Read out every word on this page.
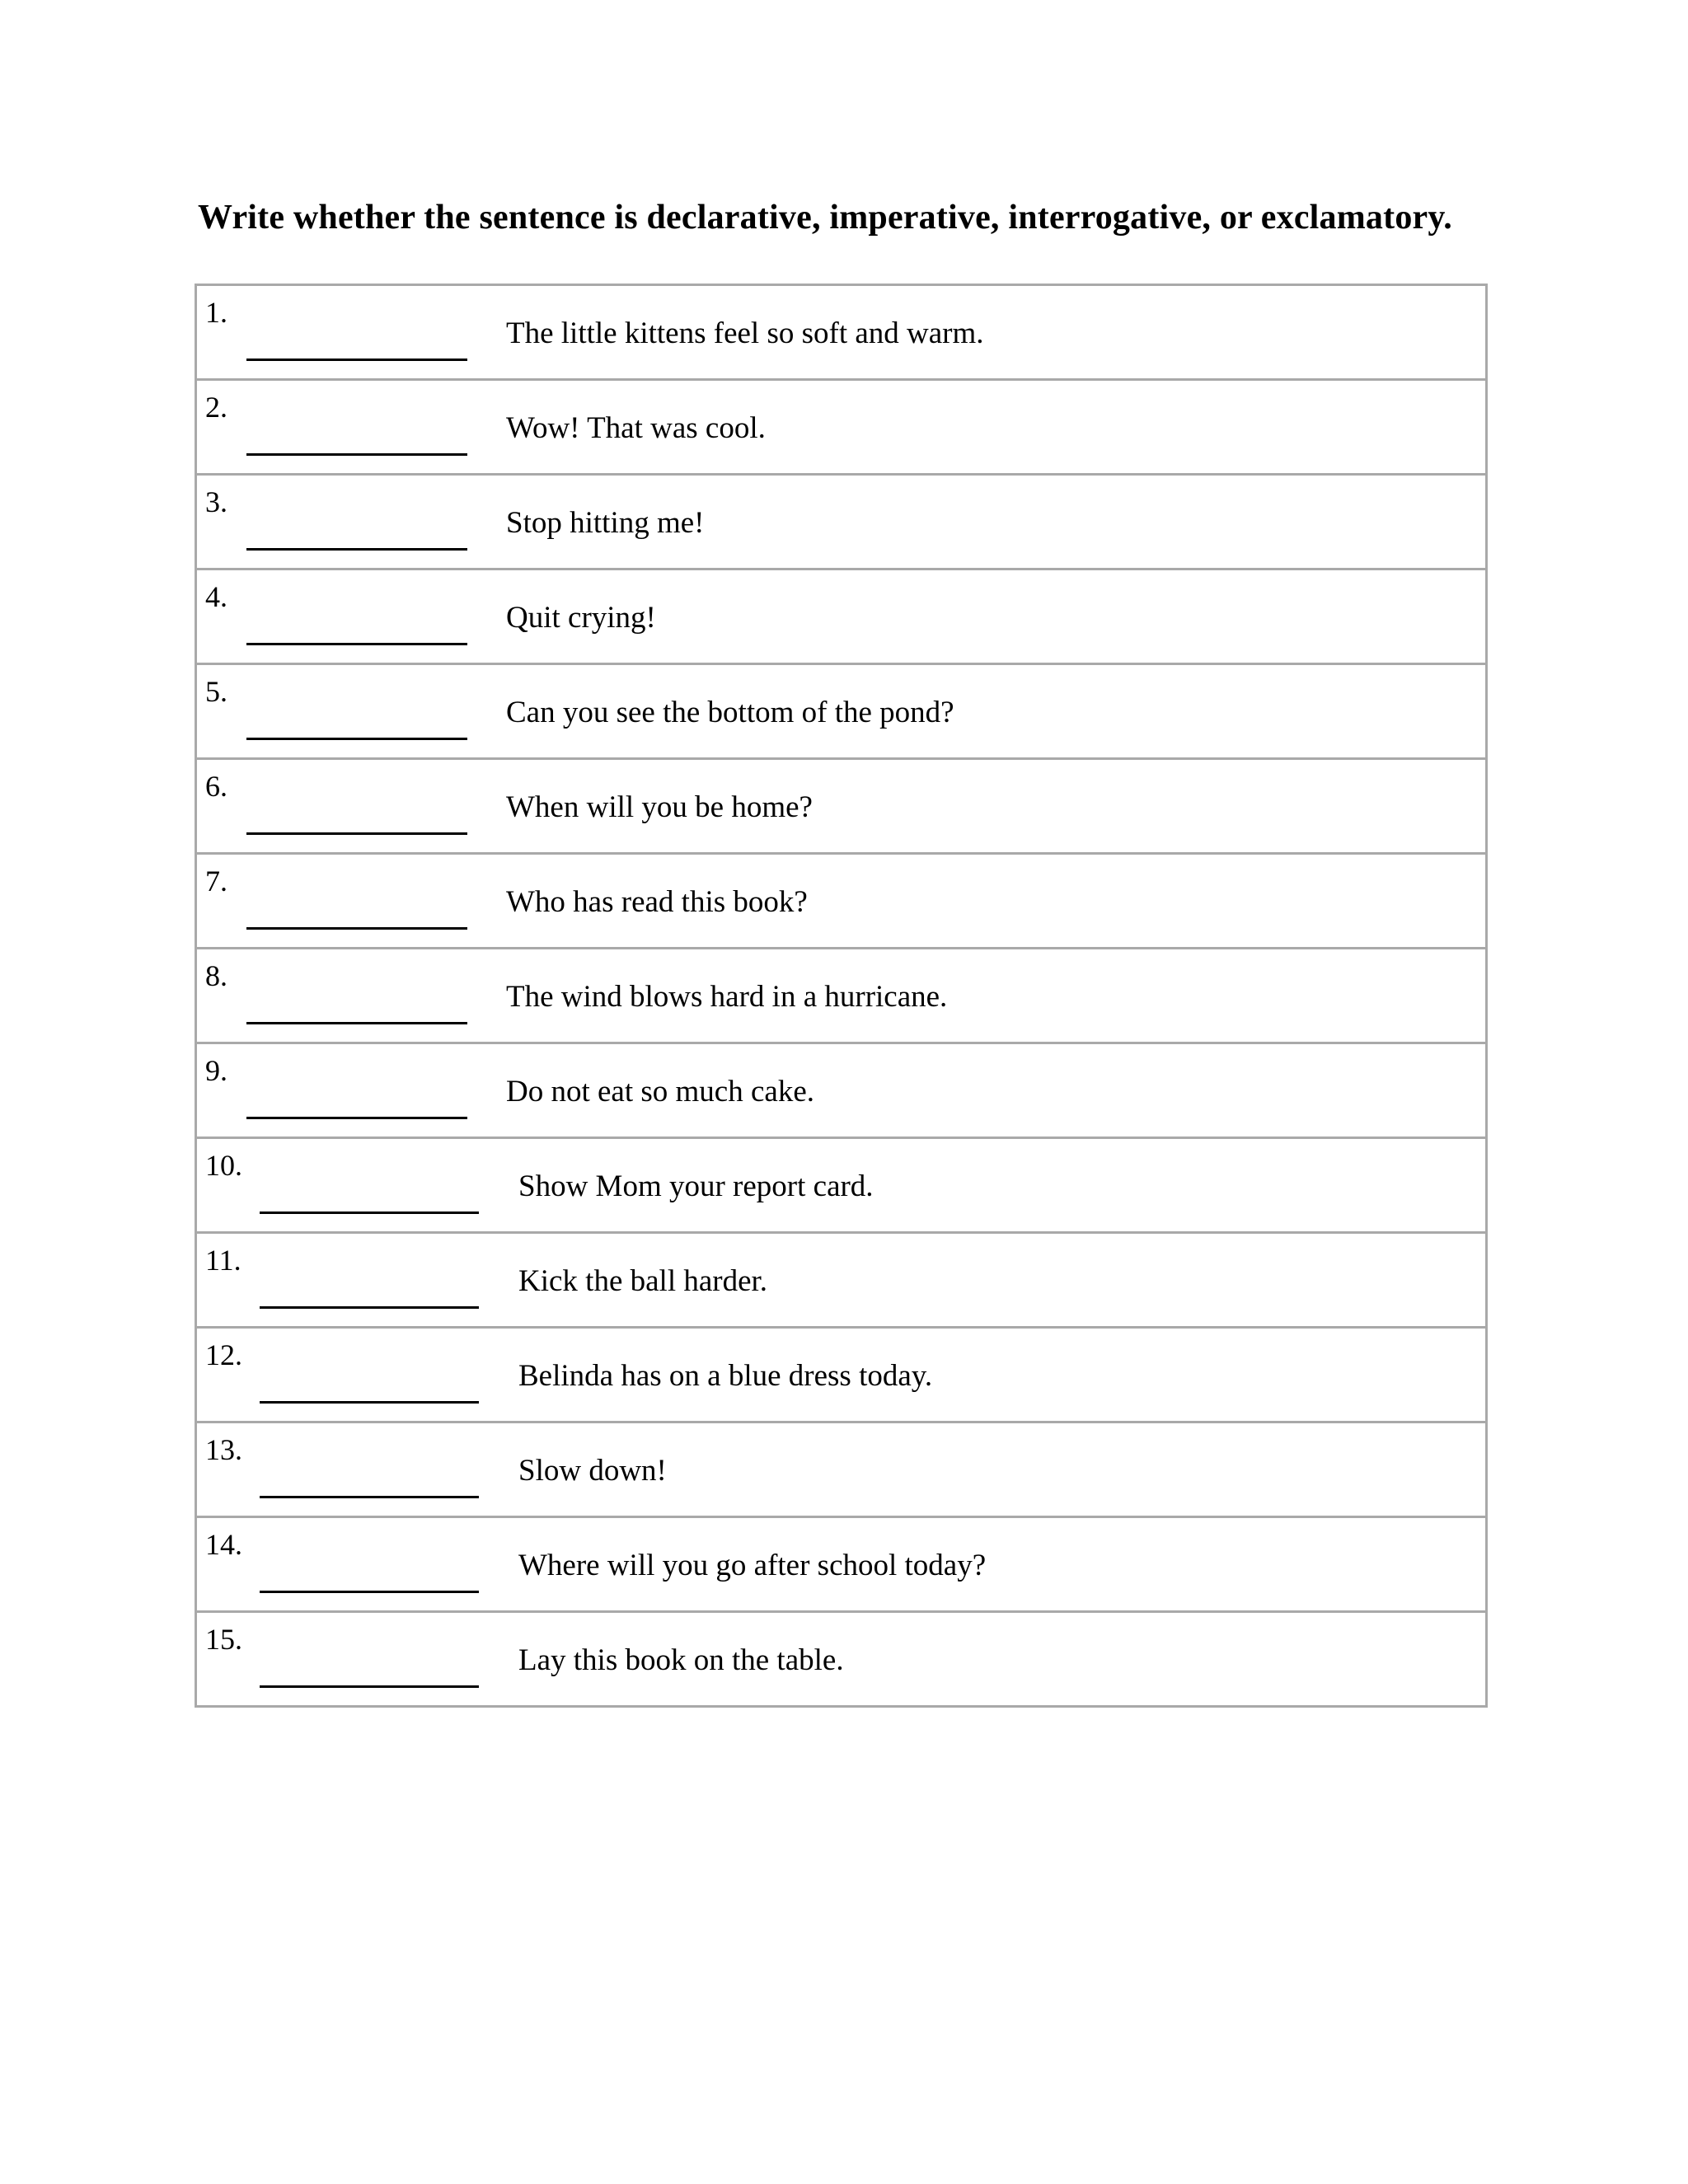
Write whether the sentence is declarative, imperative, interrogative, or exclamatory.

1.
The little kittens feel so soft and warm.
2.
Wow! That was cool.
3.
Stop hitting me!
4.
Quit crying!
5.
Can you see the bottom of the pond?
6.
When will you be home?
7.
Who has read this book?
8.
The wind blows hard in a hurricane.
9.
Do not eat so much cake.
10.
Show Mom your report card.
11.
Kick the ball harder.
12.
Belinda has on a blue dress today.
13.
Slow down!
14.
Where will you go after school today?
15.
Lay this book on the table.
